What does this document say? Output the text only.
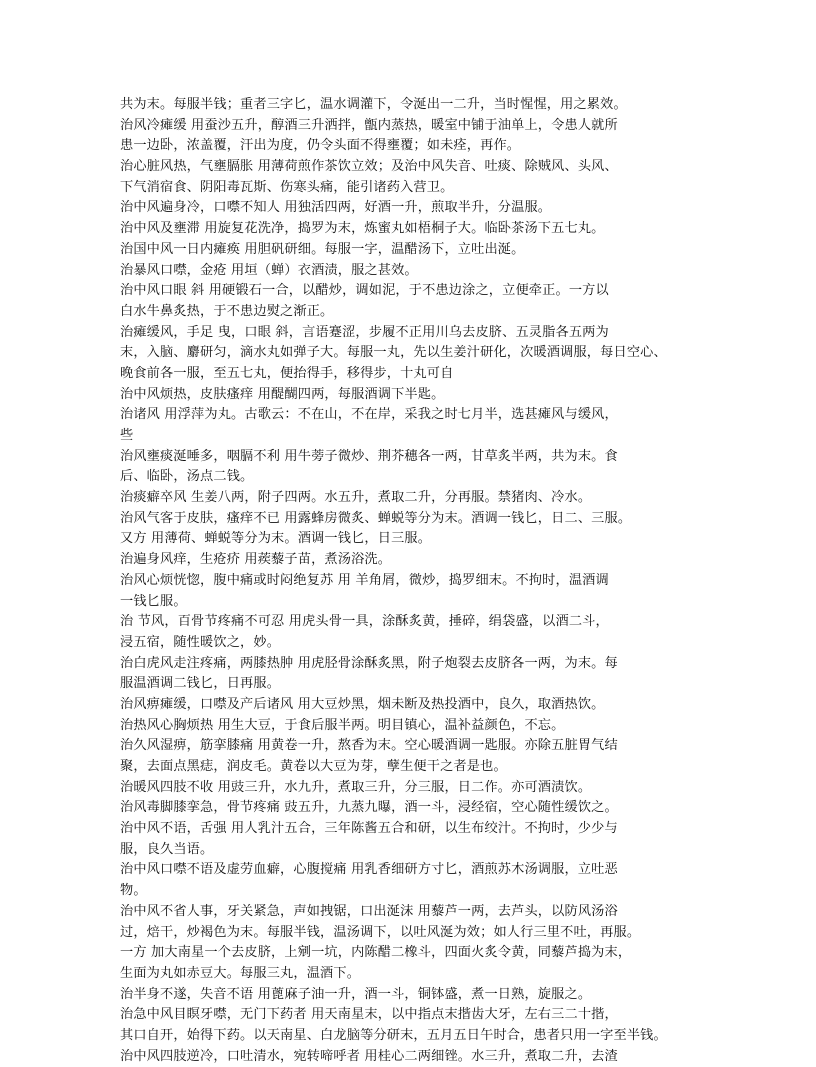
共为末。每服半钱；重者三字匕，温水调灌下，令涎出一二升，当时惺惺，用之累效。
治风冷瘫缓 用蚕沙五升，醇酒三升洒拌，甑内蒸热，暖室中铺于油单上，令患人就所
患一边卧，浓盖覆，汗出为度，仍令头面不得壅覆；如未痊，再作。
治心脏风热，气壅膈胀 用薄荷煎作茶饮立效；及治中风失音、吐痰、除贼风、头风、
下气消宿食、阴阳毒瓦斯、伤寒头痛，能引诸药入营卫。
治中风遍身冷，口噤不知人 用独活四两，好酒一升，煎取半升，分温服。
治中风及壅滞 用旋复花洗净，捣罗为末，炼蜜丸如梧桐子大。临卧茶汤下五七丸。
治国中风一日内瘫痪 用胆矾研细。每服一字，温醋汤下，立吐出涎。
治暴风口噤，金疮 用垣（蝉）衣酒渍，服之甚效。
治中风口眼 斜 用硬锻石一合，以醋炒，调如泥，于不患边涂之，立便牵正。一方以
白水牛鼻炙热，于不患边熨之渐正。
治瘫缓风，手足 曳，口眼 斜，言语蹇涩，步履不正用川乌去皮脐、五灵脂各五两为
末，入脑、麝研匀，滴水丸如弹子大。每服一丸，先以生姜汁研化，次暖酒调服，每日空心、
晚食前各一服，至五七丸，便抬得手，移得步，十丸可自
治中风烦热，皮肤瘙痒 用醍醐四两，每服酒调下半匙。
治诸风 用浮萍为丸。古歌云：不在山，不在岸，采我之时七月半，选甚瘫风与缓风，
些
治风壅痰涎唾多，咽膈不利 用牛蒡子微炒、荆芥穗各一两，甘草炙半两，共为末。食
后、临卧，汤点二钱。
治痰癖卒风 生姜八两，附子四两。水五升，煮取二升，分再服。禁猪肉、冷水。
治风气客于皮肤，瘙痒不已 用露蜂房微炙、蝉蜕等分为末。酒调一钱匕，日二、三服。
又方 用薄荷、蝉蜕等分为末。酒调一钱匕，日三服。
治遍身风痒，生疮疥 用蒺藜子苗，煮汤浴洗。
治风心烦恍惚，腹中痛或时闷绝复苏 用 羊角屑，微炒，捣罗细末。不拘时，温酒调
一钱匕服。
治 节风，百骨节疼痛不可忍 用虎头骨一具，涂酥炙黄，捶碎，绢袋盛，以酒二斗，
浸五宿，随性暖饮之，妙。
治白虎风走注疼痛，两膝热肿 用虎胫骨涂酥炙黑，附子炮裂去皮脐各一两，为末。每
服温酒调二钱匕，日再服。
治风痹瘫缓，口噤及产后诸风 用大豆炒黑，烟未断及热投酒中，良久，取酒热饮。
治热风心胸烦热 用生大豆，于食后服半两。明目镇心，温补益颜色，不忘。
治久风湿痹，筋挛膝痛 用黄卷一升，熬香为末。空心暖酒调一匙服。亦除五脏胃气结
聚，去面点黑痣，润皮毛。黄卷以大豆为芽，孽生便干之者是也。
治暖风四肢不收 用豉三升，水九升，煮取三升，分三服，日二作。亦可酒渍饮。
治风毒脚膝挛急，骨节疼痛 豉五升，九蒸九曝，酒一斗，浸经宿，空心随性缓饮之。
治中风不语，舌强 用人乳汁五合，三年陈酱五合和研，以生布绞汁。不拘时，少少与
服，良久当语。
治中风口噤不语及虚劳血癖，心腹搅痛 用乳香细研方寸匕，酒煎苏木汤调服，立吐恶
物。
治中风不省人事，牙关紧急，声如拽锯，口出涎沫 用藜芦一两，去芦头，以防风汤浴
过，焙干，炒褐色为末。每服半钱，温汤调下，以吐风涎为效；如人行三里不吐，再服。
一方 加大南星一个去皮脐，上剜一坑，内陈醋二橡斗，四面火炙令黄，同藜芦捣为末，
生面为丸如赤豆大。每服三丸，温酒下。
治半身不遂，失音不语 用蓖麻子油一升，酒一斗，铜钵盛，煮一日熟，旋服之。
治急中风目瞑牙噤，无门下药者 用天南星末，以中指点末揩齿大牙，左右三二十揩，
其口自开，始得下药。以天南星、白龙脑等分研末，五月五日午时合，患者只用一字至半钱。
治中风四肢逆冷，口吐清水，宛转啼呼者 用桂心二两细锉。水三升，煮取二升，去渣
